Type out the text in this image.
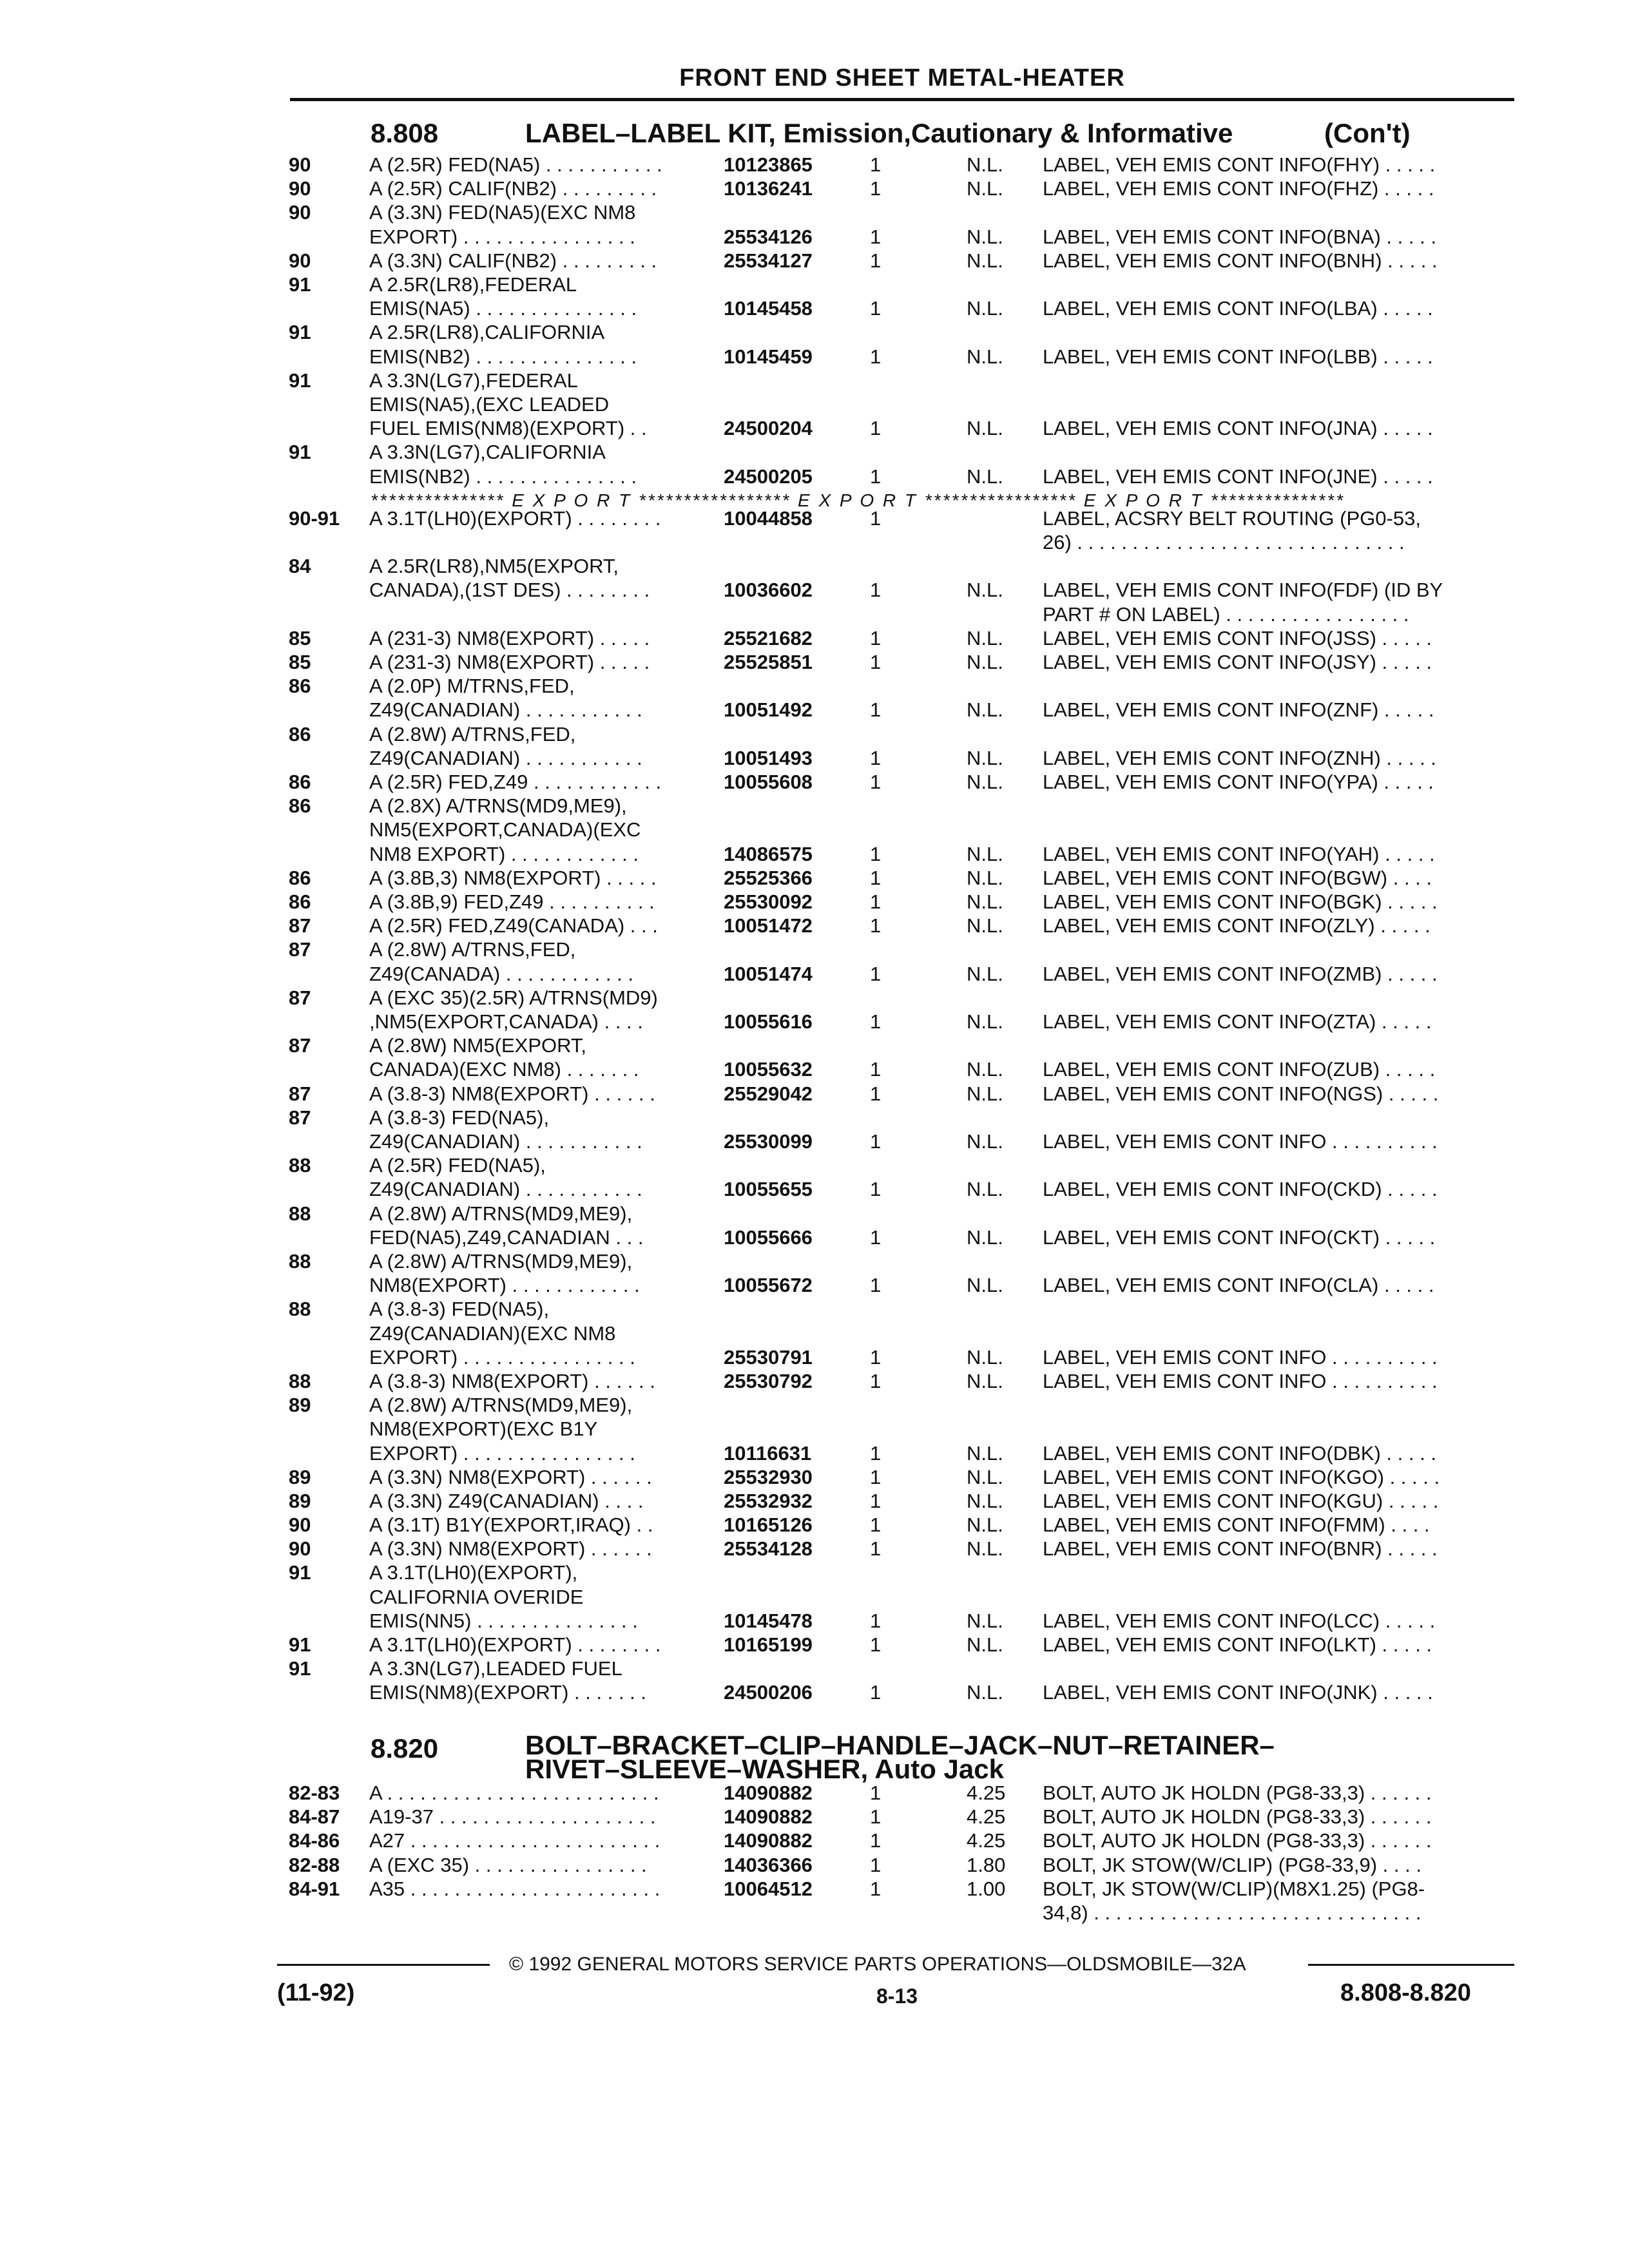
FRONT END SHEET METAL-HEATER
8.808	LABEL–LABEL KIT, Emission,Cautionary & Informative	(Con't)
90	A (2.5R) FED(NA5) . . . . . . . . . . .	10123865	1	N.L. LABEL, VEH EMIS CONT INFO(FHY) . . . . .
90	A (2.5R) CALIF(NB2) . . . . . . . . .	10136241	1	N.L. LABEL, VEH EMIS CONT INFO(FHZ) . . . . .
90	A (3.3N) FED(NA5)(EXC NM8
EXPORT) . . . . . . . . . . . . . . . .	25534126	1	N.L. LABEL, VEH EMIS CONT INFO(BNA) . . . . .
90	A (3.3N) CALIF(NB2) . . . . . . . . .	25534127	1	N.L. LABEL, VEH EMIS CONT INFO(BNH) . . . . .
91	A 2.5R(LR8),FEDERAL
EMIS(NA5) . . . . . . . . . . . . . . .	10145458	1	N.L. LABEL, VEH EMIS CONT INFO(LBA) . . . . .
91	A 2.5R(LR8),CALIFORNIA
EMIS(NB2) . . . . . . . . . . . . . . .	10145459	1	N.L. LABEL, VEH EMIS CONT INFO(LBB) . . . . .
91	A 3.3N(LG7),FEDERAL
EMIS(NA5),(EXC LEADED
FUEL EMIS(NM8)(EXPORT) . .	24500204	1	N.L. LABEL, VEH EMIS CONT INFO(JNA) . . . . .
91	A 3.3N(LG7),CALIFORNIA
EMIS(NB2) . . . . . . . . . . . . . . .	24500205	1	N.L. LABEL, VEH EMIS CONT INFO(JNE) . . . . .
*************** E X P O R T ***************** E X P O R T ***************** E X P O R T ***************
90-91 A 3.1T(LH0)(EXPORT) . . . . . . . .	10044858	1	LABEL, ACSRY BELT ROUTING (PG0-53,
26) . . . . . . . . . . . . . . . . . . . . . . . . . . . . . .
84	A 2.5R(LR8),NM5(EXPORT,
CANADA),(1ST DES) . . . . . . . .	10036602	1	N.L. LABEL, VEH EMIS CONT INFO(FDF) (ID BY
PART # ON LABEL) . . . . . . . . . . . . . . . . .
85	A (231-3) NM8(EXPORT) . . . . .	25521682	1	N.L. LABEL, VEH EMIS CONT INFO(JSS) . . . . .
85	A (231-3) NM8(EXPORT) . . . . .	25525851	1	N.L. LABEL, VEH EMIS CONT INFO(JSY) . . . . .
86	A (2.0P) M/TRNS,FED,
Z49(CANADIAN) . . . . . . . . . . .	10051492	1	N.L. LABEL, VEH EMIS CONT INFO(ZNF) . . . . .
86	A (2.8W) A/TRNS,FED,
Z49(CANADIAN) . . . . . . . . . . .	10051493	1	N.L. LABEL, VEH EMIS CONT INFO(ZNH) . . . . .
86	A (2.5R) FED,Z49 . . . . . . . . . . . .	10055608	1	N.L. LABEL, VEH EMIS CONT INFO(YPA) . . . . .
86	A (2.8X) A/TRNS(MD9,ME9),
NM5(EXPORT,CANADA)(EXC
NM8 EXPORT) . . . . . . . . . . . .	14086575	1	N.L. LABEL, VEH EMIS CONT INFO(YAH) . . . . .
86	A (3.8B,3) NM8(EXPORT) . . . . .	25525366	1	N.L. LABEL, VEH EMIS CONT INFO(BGW) . . . .
86	A (3.8B,9) FED,Z49 . . . . . . . . . .	25530092	1	N.L. LABEL, VEH EMIS CONT INFO(BGK) . . . . .
87	A (2.5R) FED,Z49(CANADA) . . .	10051472	1	N.L. LABEL, VEH EMIS CONT INFO(ZLY) . . . . .
87	A (2.8W) A/TRNS,FED,
Z49(CANADA) . . . . . . . . . . . .	10051474	1	N.L. LABEL, VEH EMIS CONT INFO(ZMB) . . . . .
87	A (EXC 35)(2.5R) A/TRNS(MD9)
,NM5(EXPORT,CANADA) . . . .	10055616	1	N.L. LABEL, VEH EMIS CONT INFO(ZTA) . . . . .
87	A (2.8W) NM5(EXPORT,
CANADA)(EXC NM8) . . . . . . .	10055632	1	N.L. LABEL, VEH EMIS CONT INFO(ZUB) . . . . .
87	A (3.8-3) NM8(EXPORT) . . . . . .	25529042	1	N.L. LABEL, VEH EMIS CONT INFO(NGS) . . . . .
87	A (3.8-3) FED(NA5),
Z49(CANADIAN) . . . . . . . . . . .	25530099	1	N.L. LABEL, VEH EMIS CONT INFO . . . . . . . . . .
88	A (2.5R) FED(NA5),
Z49(CANADIAN) . . . . . . . . . . .	10055655	1	N.L. LABEL, VEH EMIS CONT INFO(CKD) . . . . .
88	A (2.8W) A/TRNS(MD9,ME9),
FED(NA5),Z49,CANADIAN . . .	10055666	1	N.L. LABEL, VEH EMIS CONT INFO(CKT) . . . . .
88	A (2.8W) A/TRNS(MD9,ME9),
NM8(EXPORT) . . . . . . . . . . . .	10055672	1	N.L. LABEL, VEH EMIS CONT INFO(CLA) . . . . .
88	A (3.8-3) FED(NA5),
Z49(CANADIAN)(EXC NM8
EXPORT) . . . . . . . . . . . . . . . .	25530791	1	N.L. LABEL, VEH EMIS CONT INFO . . . . . . . . . .
88	A (3.8-3) NM8(EXPORT) . . . . . .	25530792	1	N.L. LABEL, VEH EMIS CONT INFO . . . . . . . . . .
89	A (2.8W) A/TRNS(MD9,ME9),
NM8(EXPORT)(EXC B1Y
EXPORT) . . . . . . . . . . . . . . . .	10116631	1	N.L. LABEL, VEH EMIS CONT INFO(DBK) . . . . .
89	A (3.3N) NM8(EXPORT) . . . . . .	25532930	1	N.L. LABEL, VEH EMIS CONT INFO(KGO) . . . . .
89	A (3.3N) Z49(CANADIAN) . . . .	25532932	1	N.L. LABEL, VEH EMIS CONT INFO(KGU) . . . . .
90	A (3.1T) B1Y(EXPORT,IRAQ) . .	10165126	1	N.L. LABEL, VEH EMIS CONT INFO(FMM) . . . .
90	A (3.3N) NM8(EXPORT) . . . . . .	25534128	1	N.L. LABEL, VEH EMIS CONT INFO(BNR) . . . . .
91	A 3.1T(LH0)(EXPORT),
CALIFORNIA OVERIDE
EMIS(NN5) . . . . . . . . . . . . . . .	10145478	1	N.L. LABEL, VEH EMIS CONT INFO(LCC) . . . . .
91	A 3.1T(LH0)(EXPORT) . . . . . . . .	10165199	1	N.L. LABEL, VEH EMIS CONT INFO(LKT) . . . . .
91	A 3.3N(LG7),LEADED FUEL
EMIS(NM8)(EXPORT) . . . . . . .	24500206	1	N.L. LABEL, VEH EMIS CONT INFO(JNK) . . . . .
82-83 A . . . . . . . . . . . . . . . . . . . . . . . . .	14090882	1	4.25 BOLT, AUTO JK HOLDN (PG8-33,3) . . . . . .
84-87 A19-37 . . . . . . . . . . . . . . . . . . . .	14090882	1	4.25 BOLT, AUTO JK HOLDN (PG8-33,3) . . . . . .
84-86 A27 . . . . . . . . . . . . . . . . . . . . . . .	14090882	1	4.25 BOLT, AUTO JK HOLDN (PG8-33,3) . . . . . .
82-88 A (EXC 35) . . . . . . . . . . . . . . . .	14036366	1	1.80 BOLT, JK STOW(W/CLIP) (PG8-33,9) . . . .
84-91 A35 . . . . . . . . . . . . . . . . . . . . . . .	10064512	1	1.00 BOLT, JK STOW(W/CLIP)(M8X1.25) (PG8-
34,8) . . . . . . . . . . . . . . . . . . . . . . . . . . . . . .
8.820	BOLT–BRACKET–CLIP–HANDLE–JACK–NUT–RETAINER–
RIVET–SLEEVE–WASHER, Auto Jack
© 1992 GENERAL MOTORS SERVICE PARTS OPERATIONS—OLDSMOBILE—32A
(11-92)	8-13	8.808-8.820
